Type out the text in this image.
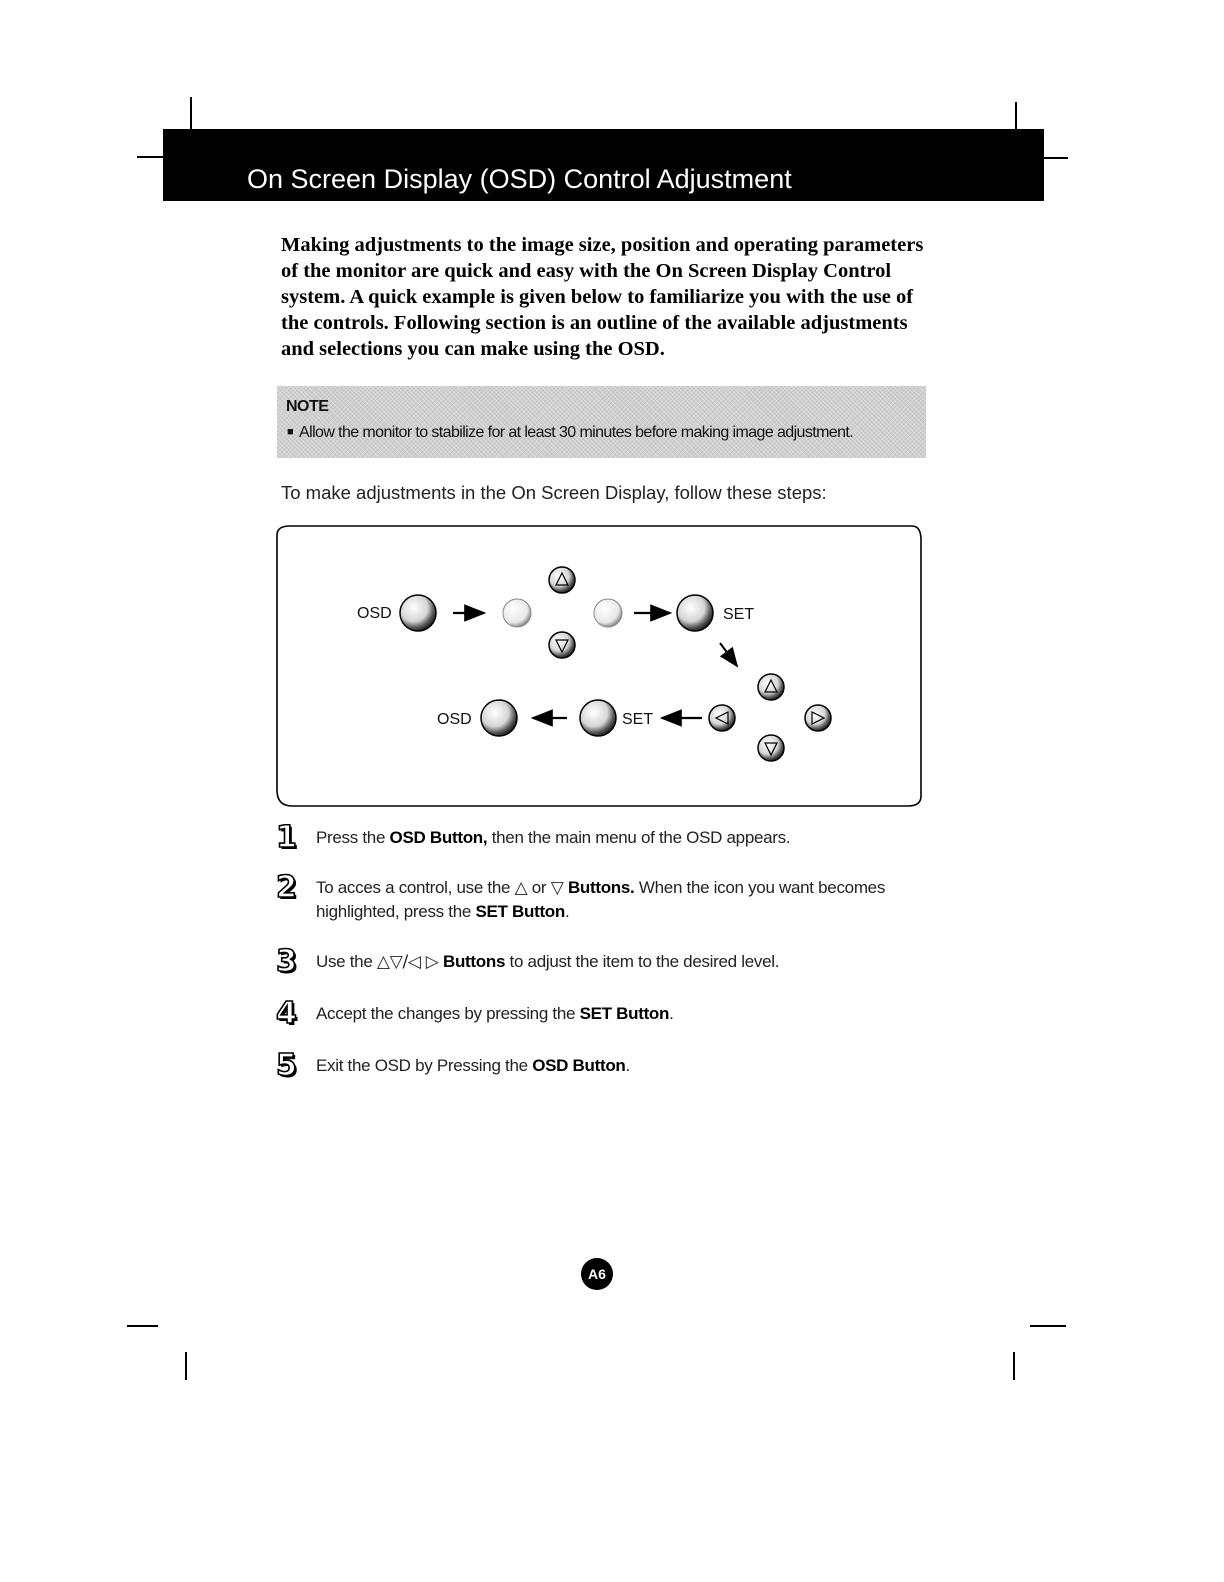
On Screen Display (OSD) Control Adjustment
Making adjustments to the image size, position and operating parameters of the monitor are quick and easy with the On Screen Display Control system. A quick example is given below to familiarize you with the use of the controls. Following section is an outline of the available adjustments and selections you can make using the OSD.
NOTE
■ Allow the monitor to stabilize for at least 30 minutes before making image adjustment.
To make adjustments in the On Screen Display, follow these steps:
OSD	SET
SET
OSD
1	Press the OSD Button, then the main menu of the OSD appears.
2	To acces a control, use the △ or ▽ Buttons. When the icon you want becomes highlighted, press the SET Button.
3	Use the △▽/◁ ▷ Buttons to adjust the item to the desired level.
4	Accept the changes by pressing the SET Button.
5	Exit the OSD by Pressing the OSD Button.
A6
